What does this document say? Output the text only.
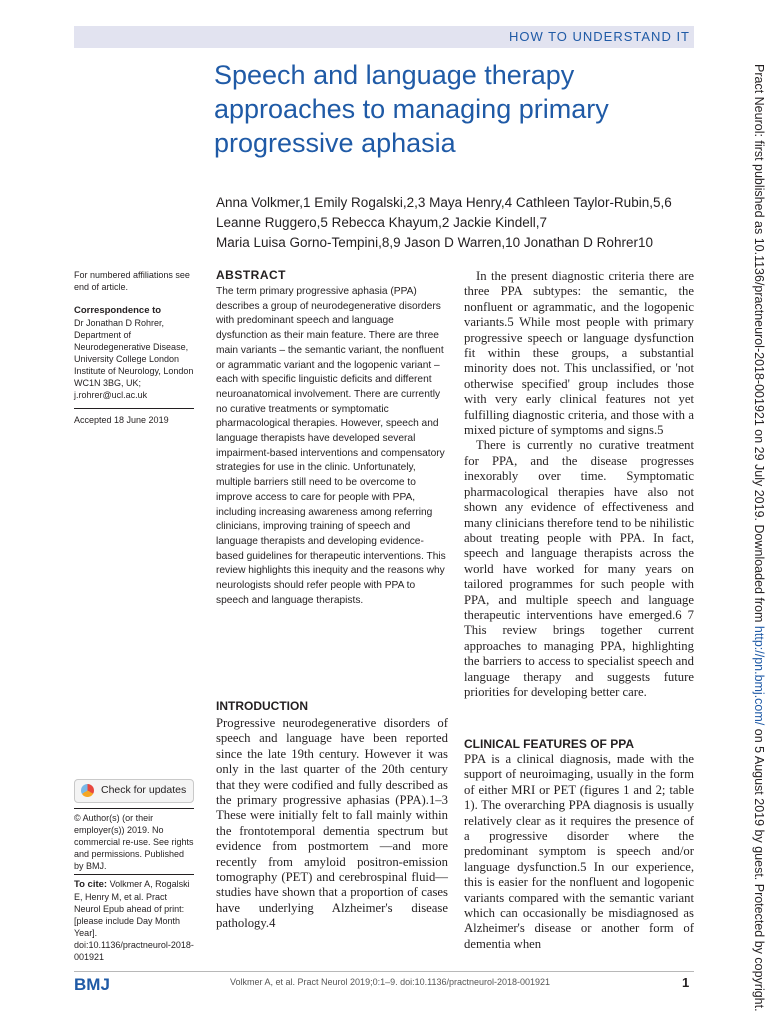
HOW TO UNDERSTAND IT
Speech and language therapy
approaches to managing primary
progressive aphasia
Anna Volkmer,1 Emily Rogalski,2,3 Maya Henry,4 Cathleen Taylor-Rubin,5,6
Leanne Ruggero,5 Rebecca Khayum,2 Jackie Kindell,7
Maria Luisa Gorno-Tempini,8,9 Jason D Warren,10 Jonathan D Rohrer10
For numbered affiliations see end of article.
Correspondence to
Dr Jonathan D Rohrer, Department of Neurodegenerative Disease, University College London Institute of Neurology, London WC1N 3BG, UK; j.rohrer@ucl.ac.uk
Accepted 18 June 2019
Check for updates
© Author(s) (or their employer(s)) 2019. No commercial re-use. See rights and permissions. Published by BMJ.
To cite: Volkmer A, Rogalski E, Henry M, et al. Pract Neurol Epub ahead of print: [please include Day Month Year]. doi:10.1136/practneurol-2018-001921
ABSTRACT
The term primary progressive aphasia (PPA) describes a group of neurodegenerative disorders with predominant speech and language dysfunction as their main feature. There are three main variants – the semantic variant, the nonfluent or agrammatic variant and the logopenic variant – each with specific linguistic deficits and different neuroanatomical involvement. There are currently no curative treatments or symptomatic pharmacological therapies. However, speech and language therapists have developed several impairment-based interventions and compensatory strategies for use in the clinic. Unfortunately, multiple barriers still need to be overcome to improve access to care for people with PPA, including increasing awareness among referring clinicians, improving training of speech and language therapists and developing evidence-based guidelines for therapeutic interventions. This review highlights this inequity and the reasons why neurologists should refer people with PPA to speech and language therapists.
INTRODUCTION
Progressive neurodegenerative disorders of speech and language have been reported since the late 19th century. However it was only in the last quarter of the 20th century that they were codified and fully described as the primary progressive aphasias (PPA).1–3 These were initially felt to fall mainly within the frontotemporal dementia spectrum but evidence from postmortem —and more recently from amyloid positron-emission tomography (PET) and cerebrospinal fluid— studies have shown that a proportion of cases have underlying Alzheimer's disease pathology.4

In the present diagnostic criteria there are three PPA subtypes: the semantic, the nonfluent or agrammatic, and the logopenic variants.5 While most people with primary progressive speech or language dysfunction fit within these groups, a substantial minority does not. This unclassified, or 'not otherwise specified' group includes those with very early clinical features not yet fulfilling diagnostic criteria, and those with a mixed picture of symptoms and signs.5

There is currently no curative treatment for PPA, and the disease progresses inexorably over time. Symptomatic pharmacological therapies have also not shown any evidence of effectiveness and many clinicians therefore tend to be nihilistic about treating people with PPA. In fact, speech and language therapists across the world have worked for many years on tailored programmes for such people with PPA, and multiple speech and language therapeutic interventions have emerged.6 7 This review brings together current approaches to managing PPA, highlighting the barriers to access to specialist speech and language therapy and suggests future priorities for developing better care.

CLINICAL FEATURES OF PPA
PPA is a clinical diagnosis, made with the support of neuroimaging, usually in the form of either MRI or PET (figures 1 and 2; table 1). The overarching PPA diagnosis is usually relatively clear as it requires the presence of a progressive disorder where the predominant symptom is speech and/or language dysfunction.5 In our experience, this is easier for the nonfluent and logopenic variants compared with the semantic variant which can occasionally be misdiagnosed as Alzheimer's disease or another form of dementia when
BMJ	Volkmer A, et al. Pract Neurol 2019;0:1–9. doi:10.1136/practneurol-2018-001921	1
Pract Neurol: first published as 10.1136/practneurol-2018-001921 on 29 July 2019. Downloaded from http://pn.bmj.com/ on 5 August 2019 by guest. Protected by copyright.
